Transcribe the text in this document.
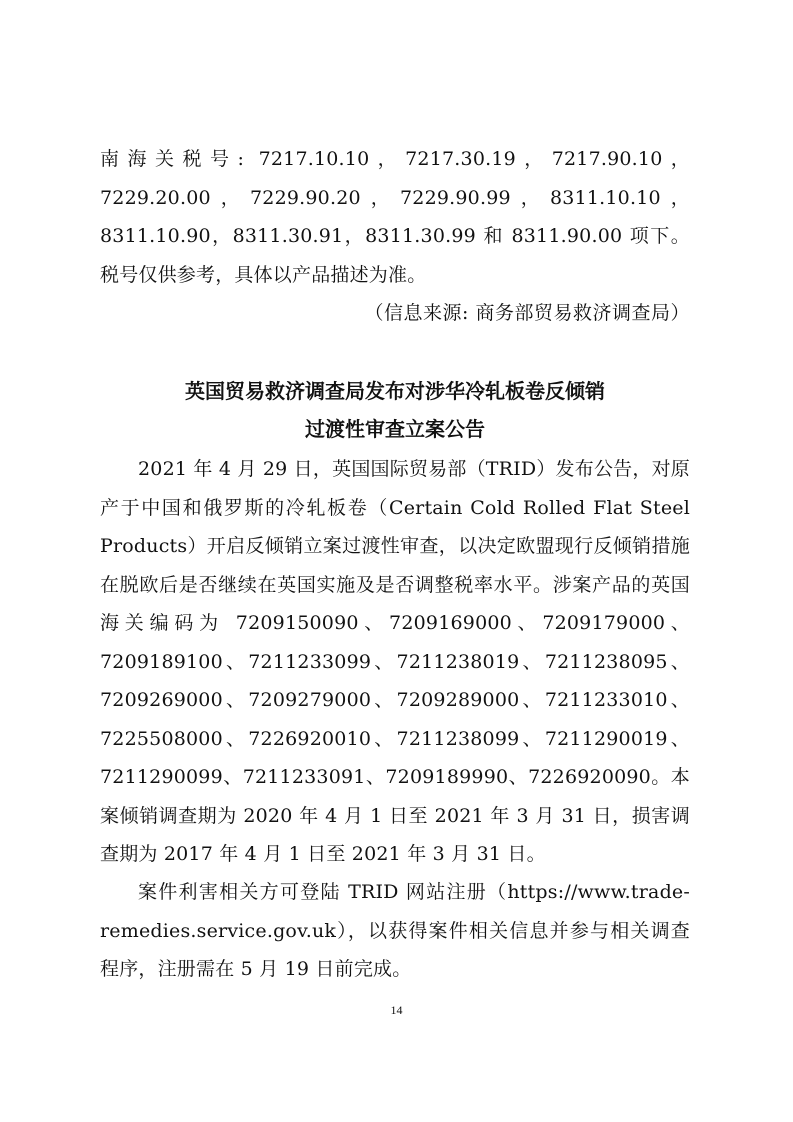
南海关税号: 7217.10.10，7217.30.19，7217.90.10，7229.20.00，7229.90.20，7229.90.99，8311.10.10，8311.10.90，8311.30.91，8311.30.99 和 8311.90.00 项下。税号仅供参考，具体以产品描述为准。

（信息来源: 商务部贸易救济调查局）

英国贸易救济调查局发布对涉华冷轧板卷反倾销
过渡性审查立案公告

2021 年 4 月 29 日，英国国际贸易部（TRID）发布公告，对原产于中国和俄罗斯的冷轧板卷（Certain Cold Rolled Flat Steel Products）开启反倾销立案过渡性审查，以决定欧盟现行反倾销措施在脱欧后是否继续在英国实施及是否调整税率水平。涉案产品的英国海关编码为 7209150090、7209169000、7209179000、7209189100、7211233099、7211238019、7211238095、7209269000、7209279000、7209289000、7211233010、7225508000、7226920010、7211238099、7211290019、7211290099、7211233091、7209189990、7226920090。本案倾销调查期为 2020 年 4 月 1 日至 2021 年 3 月 31 日，损害调查期为 2017 年 4 月 1 日至 2021 年 3 月 31 日。

案件利害相关方可登陆 TRID 网站注册（https://www.trade-remedies.service.gov.uk），以获得案件相关信息并参与相关调查程序，注册需在 5 月 19 日前完成。

14
